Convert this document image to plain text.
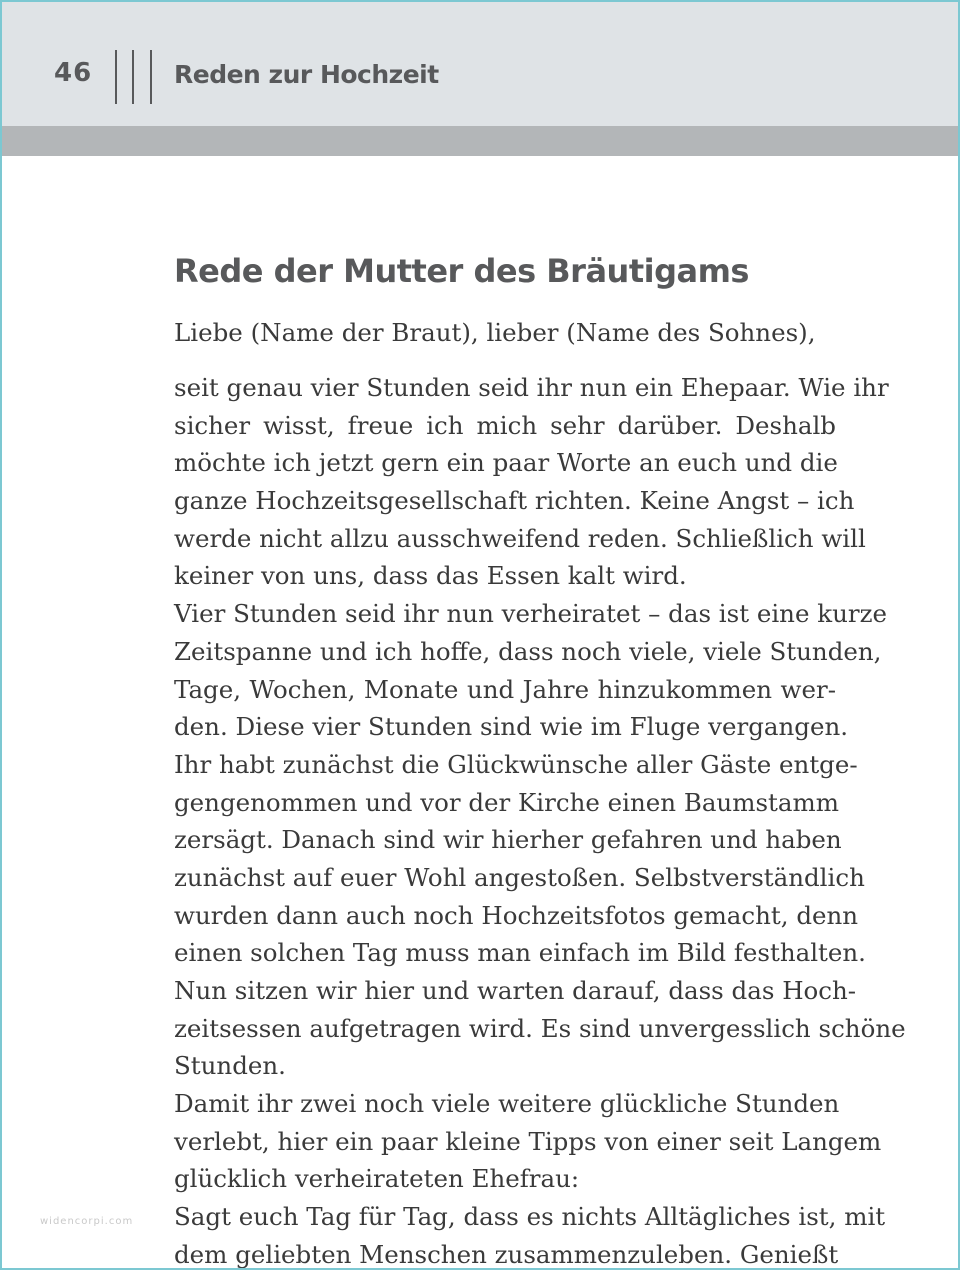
46	Reden zur Hochzeit
Rede der Mutter des Bräutigams

Liebe (Name der Braut), lieber (Name des Sohnes),

seit genau vier Stunden seid ihr nun ein Ehepaar. Wie ihr
sicher wisst, freue ich mich sehr darüber. Deshalb
möchte ich jetzt gern ein paar Worte an euch und die
ganze Hochzeitsgesellschaft richten. Keine Angst – ich
werde nicht allzu ausschweifend reden. Schließlich will
keiner von uns, dass das Essen kalt wird.
Vier Stunden seid ihr nun verheiratet – das ist eine kurze
Zeitspanne und ich hoffe, dass noch viele, viele Stunden,
Tage, Wochen, Monate und Jahre hinzukommen wer-
den. Diese vier Stunden sind wie im Fluge vergangen.
Ihr habt zunächst die Glückwünsche aller Gäste entge-
gengenommen und vor der Kirche einen Baumstamm
zersägt. Danach sind wir hierher gefahren und haben
zunächst auf euer Wohl angestoßen. Selbstverständlich
wurden dann auch noch Hochzeitsfotos gemacht, denn
einen solchen Tag muss man einfach im Bild festhalten.
Nun sitzen wir hier und warten darauf, dass das Hoch-
zeitsessen aufgetragen wird. Es sind unvergesslich schöne
Stunden.
Damit ihr zwei noch viele weitere glückliche Stunden
verlebt, hier ein paar kleine Tipps von einer seit Langem
glücklich verheirateten Ehefrau:
Sagt euch Tag für Tag, dass es nichts Alltägliches ist, mit
dem geliebten Menschen zusammenzuleben. Genießt
widencorpi.com
